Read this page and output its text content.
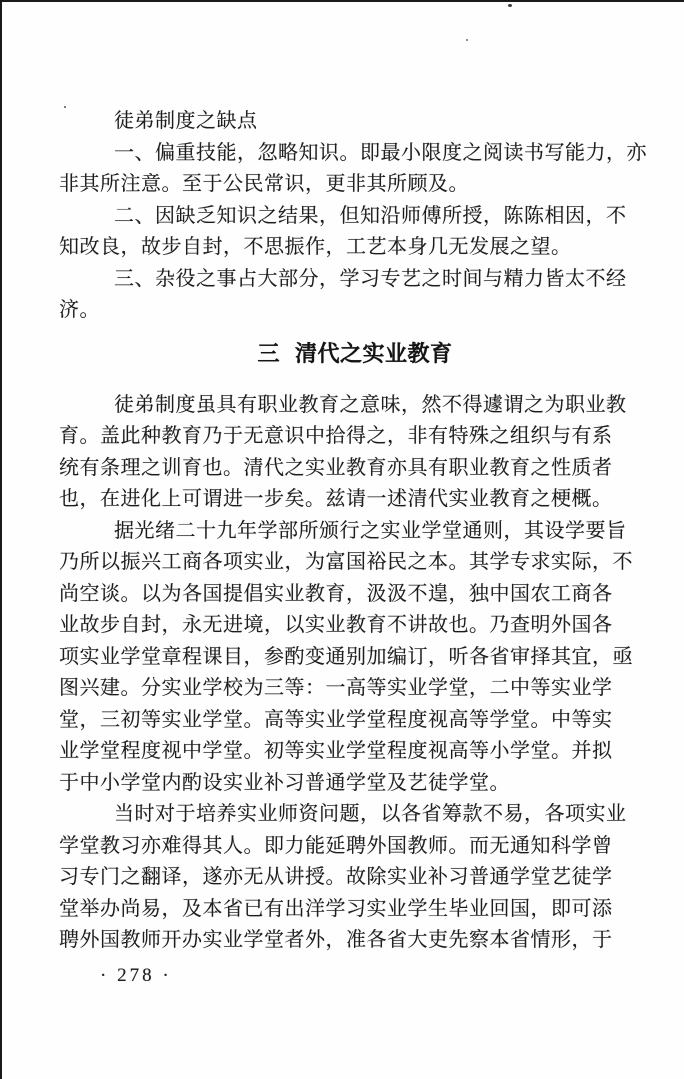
徒弟制度之缺点
一、偏重技能，忽略知识。即最小限度之阅读书写能力，亦
非其所注意。至于公民常识，更非其所顾及。
二、因缺乏知识之结果，但知沿师傅所授，陈陈相因，不
知改良，故步自封，不思振作，工艺本身几无发展之望。
三、杂役之事占大部分，学习专艺之时间与精力皆太不经
济。
三 清代之实业教育
徒弟制度虽具有职业教育之意味，然不得遽谓之为职业教
育。盖此种教育乃于无意识中拾得之，非有特殊之组织与有系
统有条理之训育也。清代之实业教育亦具有职业教育之性质者
也，在进化上可谓进一步矣。兹请一述清代实业教育之梗概。
据光绪二十九年学部所颁行之实业学堂通则，其设学要旨
乃所以振兴工商各项实业，为富国裕民之本。其学专求实际，不
尚空谈。以为各国提倡实业教育，汲汲不遑，独中国农工商各
业故步自封，永无进境，以实业教育不讲故也。乃查明外国各
项实业学堂章程课目，参酌变通别加编订，听各省审择其宜，亟
图兴建。分实业学校为三等：一高等实业学堂，二中等实业学
堂，三初等实业学堂。高等实业学堂程度视高等学堂。中等实
业学堂程度视中学堂。初等实业学堂程度视高等小学堂。并拟
于中小学堂内酌设实业补习普通学堂及艺徒学堂。
当时对于培养实业师资问题，以各省筹款不易，各项实业
学堂教习亦难得其人。即力能延聘外国教师。而无通知科学曾
习专门之翻译，遂亦无从讲授。故除实业补习普通学堂艺徒学
堂举办尚易，及本省已有出洋学习实业学生毕业回国，即可添
聘外国教师开办实业学堂者外，准各省大吏先察本省情形，于
· 278 ·
